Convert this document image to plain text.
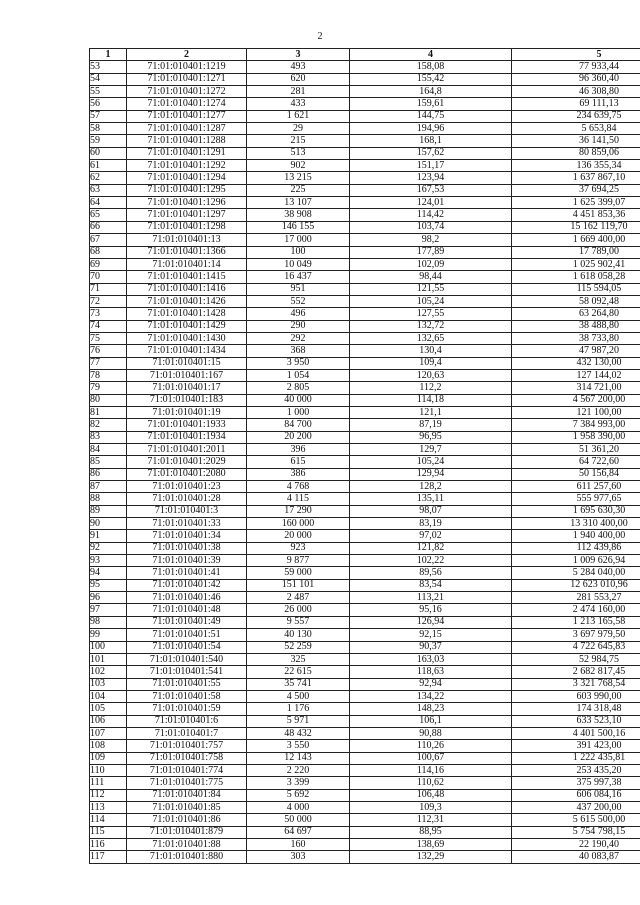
2
1	2	3	4	5
53	71:01:010401:1219	493	158,08	77 933,44
54	71:01:010401:1271	620	155,42	96 360,40
55	71:01:010401:1272	281	164,8	46 308,80
56	71:01:010401:1274	433	159,61	69 111,13
57	71:01:010401:1277	1 621	144,75	234 639,75
58	71:01:010401:1287	29	194,96	5 653,84
59	71:01:010401:1288	215	168,1	36 141,50
60	71:01:010401:1291	513	157,62	80 859,06
61	71:01:010401:1292	902	151,17	136 355,34
62	71:01:010401:1294	13 215	123,94	1 637 867,10
63	71:01:010401:1295	225	167,53	37 694,25
64	71:01:010401:1296	13 107	124,01	1 625 399,07
65	71:01:010401:1297	38 908	114,42	4 451 853,36
66	71:01:010401:1298	146 155	103,74	15 162 119,70
67	71:01:010401:13	17 000	98,2	1 669 400,00
68	71:01:010401:1366	100	177,89	17 789,00
69	71:01:010401:14	10 049	102,09	1 025 902,41
70	71:01:010401:1415	16 437	98,44	1 618 058,28
71	71:01:010401:1416	951	121,55	115 594,05
72	71:01:010401:1426	552	105,24	58 092,48
73	71:01:010401:1428	496	127,55	63 264,80
74	71:01:010401:1429	290	132,72	38 488,80
75	71:01:010401:1430	292	132,65	38 733,80
76	71:01:010401:1434	368	130,4	47 987,20
77	71:01:010401:15	3 950	109,4	432 130,00
78	71:01:010401:167	1 054	120,63	127 144,02
79	71:01:010401:17	2 805	112,2	314 721,00
80	71:01:010401:183	40 000	114,18	4 567 200,00
81	71:01:010401:19	1 000	121,1	121 100,00
82	71:01:010401:1933	84 700	87,19	7 384 993,00
83	71:01:010401:1934	20 200	96,95	1 958 390,00
84	71:01:010401:2011	396	129,7	51 361,20
85	71:01:010401:2029	615	105,24	64 722,60
86	71:01:010401:2080	386	129,94	50 156,84
87	71:01:010401:23	4 768	128,2	611 257,60
88	71:01:010401:28	4 115	135,11	555 977,65
89	71:01:010401:3	17 290	98,07	1 695 630,30
90	71:01:010401:33	160 000	83,19	13 310 400,00
91	71:01:010401:34	20 000	97,02	1 940 400,00
92	71:01:010401:38	923	121,82	112 439,86
93	71:01:010401:39	9 877	102,22	1 009 626,94
94	71:01:010401:41	59 000	89,56	5 284 040,00
95	71:01:010401:42	151 101	83,54	12 623 010,96
96	71:01:010401:46	2 487	113,21	281 553,27
97	71:01:010401:48	26 000	95,16	2 474 160,00
98	71:01:010401:49	9 557	126,94	1 213 165,58
99	71:01:010401:51	40 130	92,15	3 697 979,50
100	71:01:010401:54	52 259	90,37	4 722 645,83
101	71:01:010401:540	325	163,03	52 984,75
102	71:01:010401:541	22 615	118,63	2 682 817,45
103	71:01:010401:55	35 741	92,94	3 321 768,54
104	71:01:010401:58	4 500	134,22	603 990,00
105	71:01:010401:59	1 176	148,23	174 318,48
106	71:01:010401:6	5 971	106,1	633 523,10
107	71:01:010401:7	48 432	90,88	4 401 500,16
108	71:01:010401:757	3 550	110,26	391 423,00
109	71:01:010401:758	12 143	100,67	1 222 435,81
110	71:01:010401:774	2 220	114,16	253 435,20
111	71:01:010401:775	3 399	110,62	375 997,38
112	71:01:010401:84	5 692	106,48	606 084,16
113	71:01:010401:85	4 000	109,3	437 200,00
114	71:01:010401:86	50 000	112,31	5 615 500,00
115	71:01:010401:879	64 697	88,95	5 754 798,15
116	71:01:010401:88	160	138,69	22 190,40
117	71:01:010401:880	303	132,29	40 083,87
